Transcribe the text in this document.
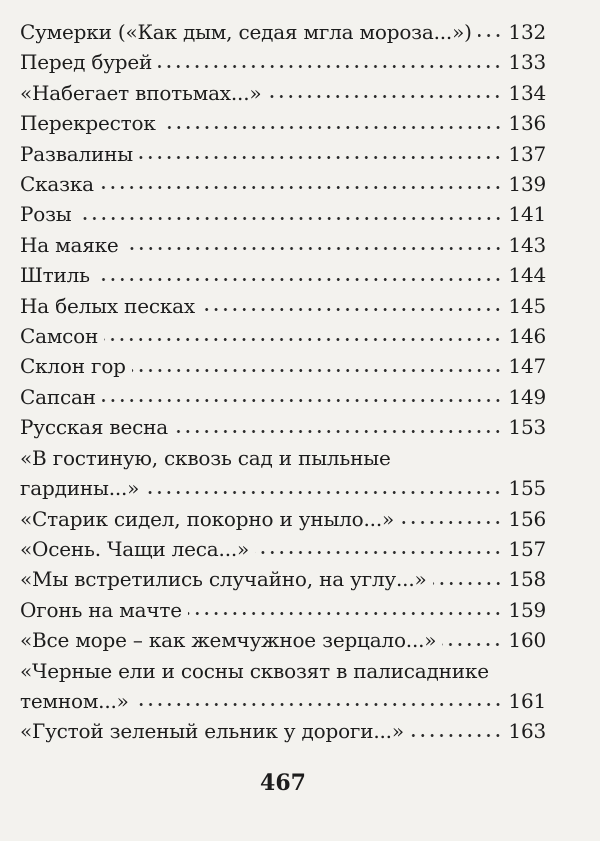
Сумерки («Как дым, седая мгла мороза...») 132
Перед бурей	133
«Набегает впотьмах...»	134
Перекресток	136
Развалины	137
Сказка	139
Розы	141
На маяке	143
Штиль	144
На белых песках	145
Самсон	146
Склон гор	147
Сапсан	149
Русская весна	153
«В гостиную, сквозь сад и пыльные
гардины...»	155
«Старик сидел, покорно и уныло...»	156
«Осень. Чащи леса...»	157
«Мы встретились случайно, на углу...»	158
Огонь на мачте	159
«Все море – как жемчужное зерцало...»	160
«Черные ели и сосны сквозят в палисаднике
темном...»	161
«Густой зеленый ельник у дороги...»	163
467
